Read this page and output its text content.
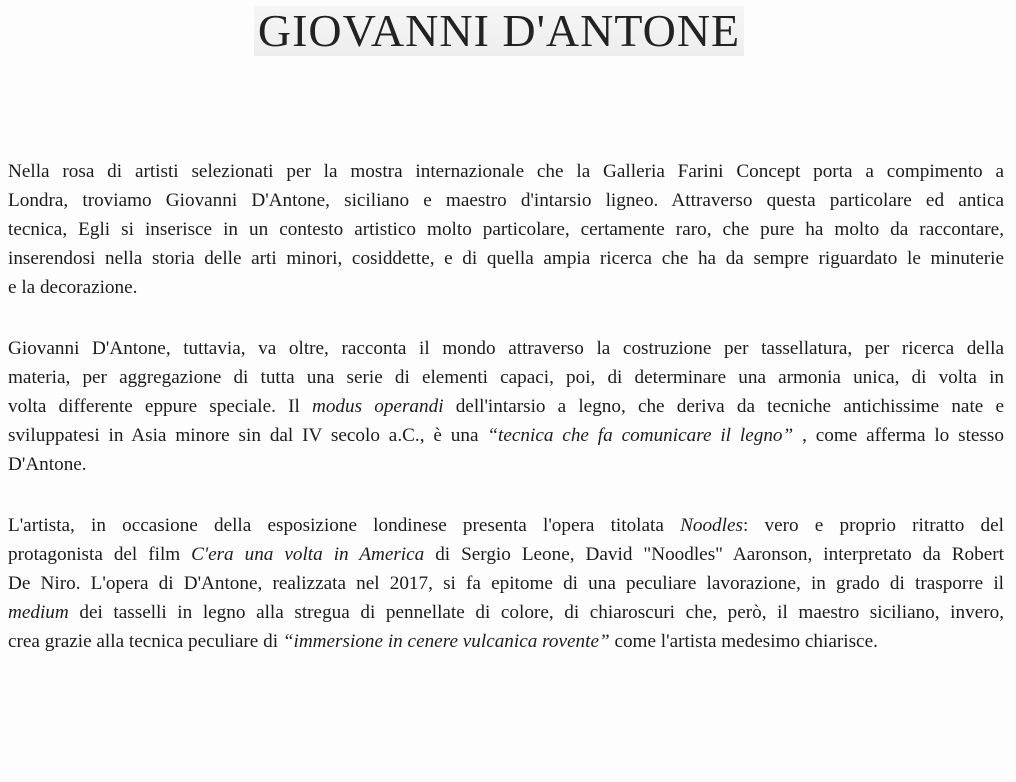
GIOVANNI D'ANTONE

Nella rosa di artisti selezionati per la mostra internazionale che la Galleria Farini Concept porta a compimento a
Londra, troviamo Giovanni D'Antone, siciliano e maestro d'intarsio ligneo. Attraverso questa particolare ed antica
tecnica, Egli si inserisce in un contesto artistico molto particolare, certamente raro, che pure ha molto da raccontare,
inserendosi nella storia delle arti minori, cosiddette, e di quella ampia ricerca che ha da sempre riguardato le minuterie
e la decorazione.

Giovanni D'Antone, tuttavia, va oltre, racconta il mondo attraverso la costruzione per tassellatura, per ricerca della
materia, per aggregazione di tutta una serie di elementi capaci, poi, di determinare una armonia unica, di volta in
volta differente eppure speciale. Il modus operandi dell'intarsio a legno, che deriva da tecniche antichissime nate e
sviluppatesi in Asia minore sin dal IV secolo a.C., è una “tecnica che fa comunicare il legno” , come afferma lo stesso
D'Antone.

L'artista, in occasione della esposizione londinese presenta l'opera titolata Noodles: vero e proprio ritratto del
protagonista del film C'era una volta in America di Sergio Leone, David "Noodles" Aaronson, interpretato da Robert
De Niro. L'opera di D'Antone, realizzata nel 2017, si fa epitome di una peculiare lavorazione, in grado di trasporre il
medium dei tasselli in legno alla stregua di pennellate di colore, di chiaroscuri che, però, il maestro siciliano, invero,
crea grazie alla tecnica peculiare di “immersione in cenere vulcanica rovente” come l'artista medesimo chiarisce.
